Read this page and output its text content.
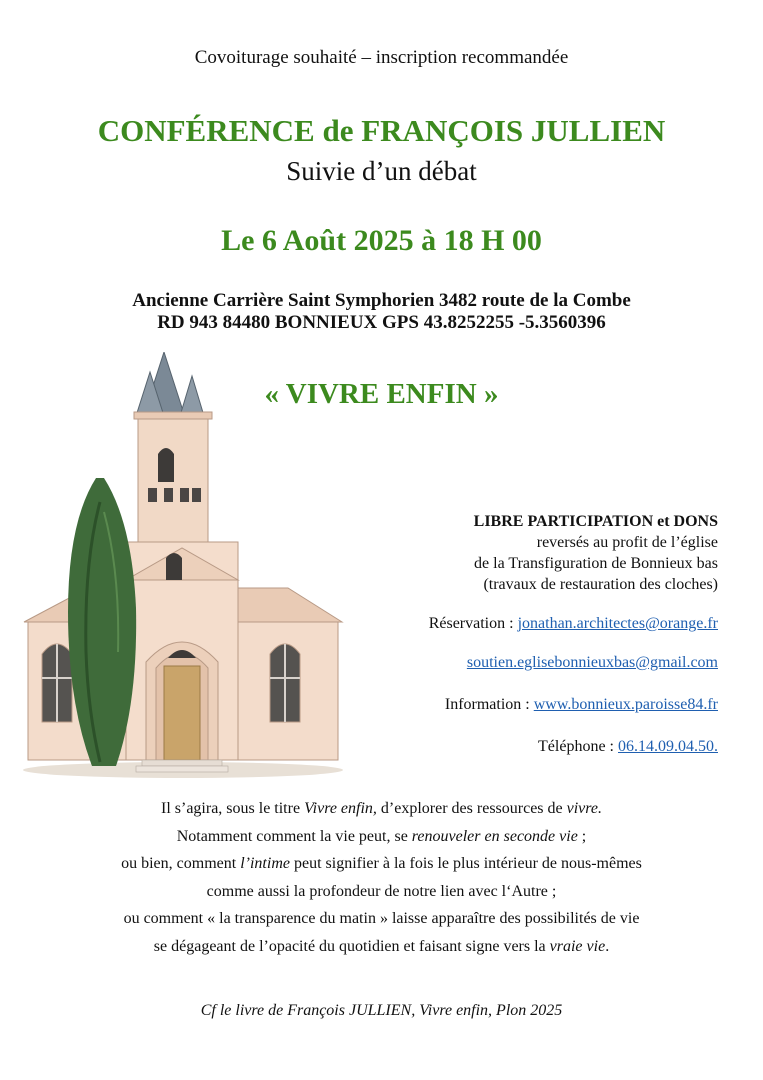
Covoiturage souhaité – inscription recommandée
CONFÉRENCE de FRANÇOIS JULLIEN
Suivie d’un débat
Le 6 Août 2025 à 18 H 00
Ancienne Carrière Saint Symphorien 3482 route de la Combe
RD 943 84480 BONNIEUX GPS 43.8252255 -5.3560396
« VIVRE ENFIN »
LIBRE PARTICIPATION et DONS
reversés au profit de l’église
de la Transfiguration de Bonnieux bas
(travaux de restauration des cloches)
Réservation : jonathan.architectes@orange.fr
soutien.eglisebonnieuxbas@gmail.com
Information : www.bonnieux.paroisse84.fr
Téléphone : 06.14.09.04.50.
Il s’agira, sous le titre Vivre enfin, d’explorer des ressources de vivre.
Notamment comment la vie peut, se renouveler en seconde vie ;
ou bien, comment l’intime peut signifier à la fois le plus intérieur de nous-mêmes
comme aussi la profondeur de notre lien avec l‘Autre ;
ou comment « la transparence du matin » laisse apparaître des possibilités de vie
se dégageant de l’opacité du quotidien et faisant signe vers la vraie vie.
Cf le livre de François JULLIEN, Vivre enfin, Plon 2025
